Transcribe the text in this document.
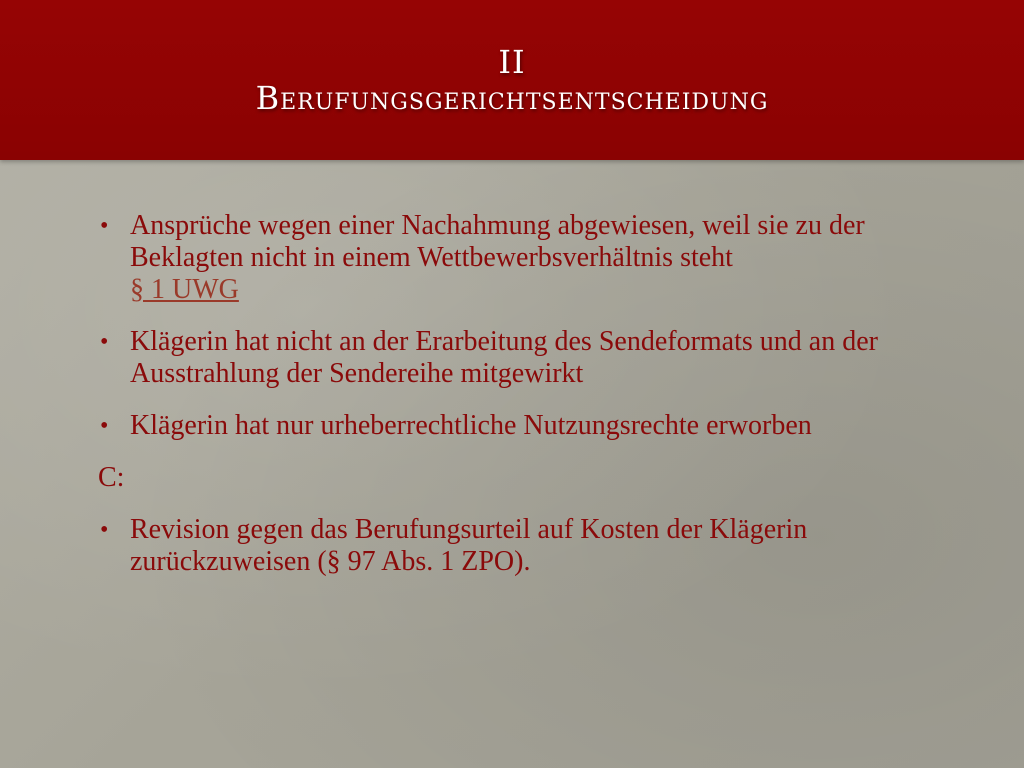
II
Berufungsgerichtsentscheidung
• Ansprüche wegen einer Nachahmung abgewiesen, weil sie zu der Beklagten nicht in einem Wettbewerbsverhältnis steht
§ 1 UWG
• Klägerin hat nicht an der Erarbeitung des Sendeformats und an der Ausstrahlung der Sendereihe mitgewirkt
• Klägerin hat nur urheberrechtliche Nutzungsrechte erworben
C:
• Revision gegen das Berufungsurteil auf Kosten der Klägerin zurückzuweisen (§ 97 Abs. 1 ZPO).
